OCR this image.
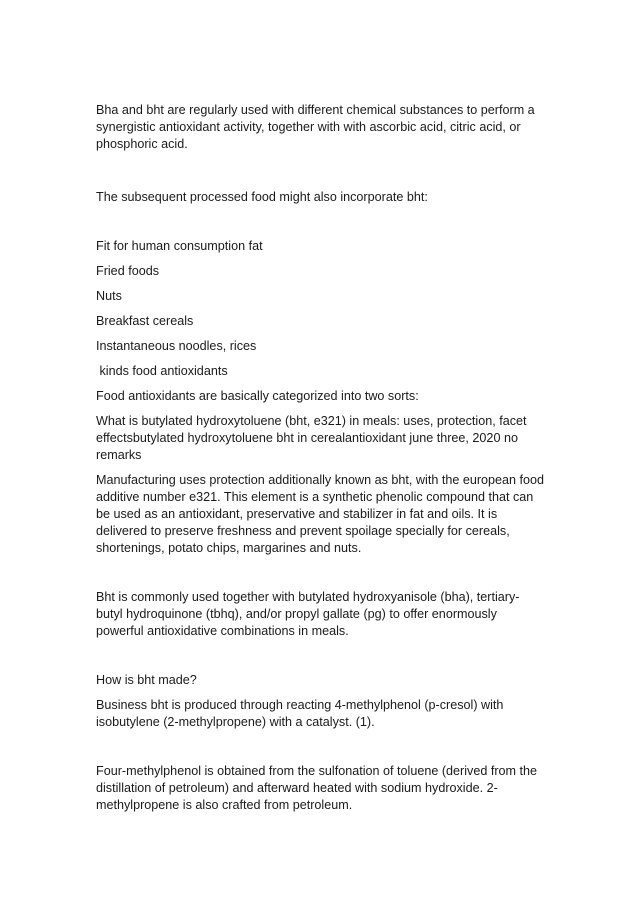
Bha and bht are regularly used with different chemical substances to perform a synergistic antioxidant activity, together with with ascorbic acid, citric acid, or phosphoric acid.

The subsequent processed food might also incorporate bht:

Fit for human consumption fat

Fried foods

Nuts

Breakfast cereals

Instantaneous noodles, rices

kinds food antioxidants

Food antioxidants are basically categorized into two sorts:

What is butylated hydroxytoluene (bht, e321) in meals: uses, protection, facet effectsbutylated hydroxytoluene bht in cerealantioxidant june three, 2020 no remarks

Manufacturing uses protection additionally known as bht, with the european food additive number e321. This element is a synthetic phenolic compound that can be used as an antioxidant, preservative and stabilizer in fat and oils. It is delivered to preserve freshness and prevent spoilage specially for cereals, shortenings, potato chips, margarines and nuts.

Bht is commonly used together with butylated hydroxyanisole (bha), tertiary-butyl hydroquinone (tbhq), and/or propyl gallate (pg) to offer enormously powerful antioxidative combinations in meals.

How is bht made?

Business bht is produced through reacting 4-methylphenol (p-cresol) with isobutylene (2-methylpropene) with a catalyst. (1).

Four-methylphenol is obtained from the sulfonation of toluene (derived from the distillation of petroleum) and afterward heated with sodium hydroxide. 2-methylpropene is also crafted from petroleum.
